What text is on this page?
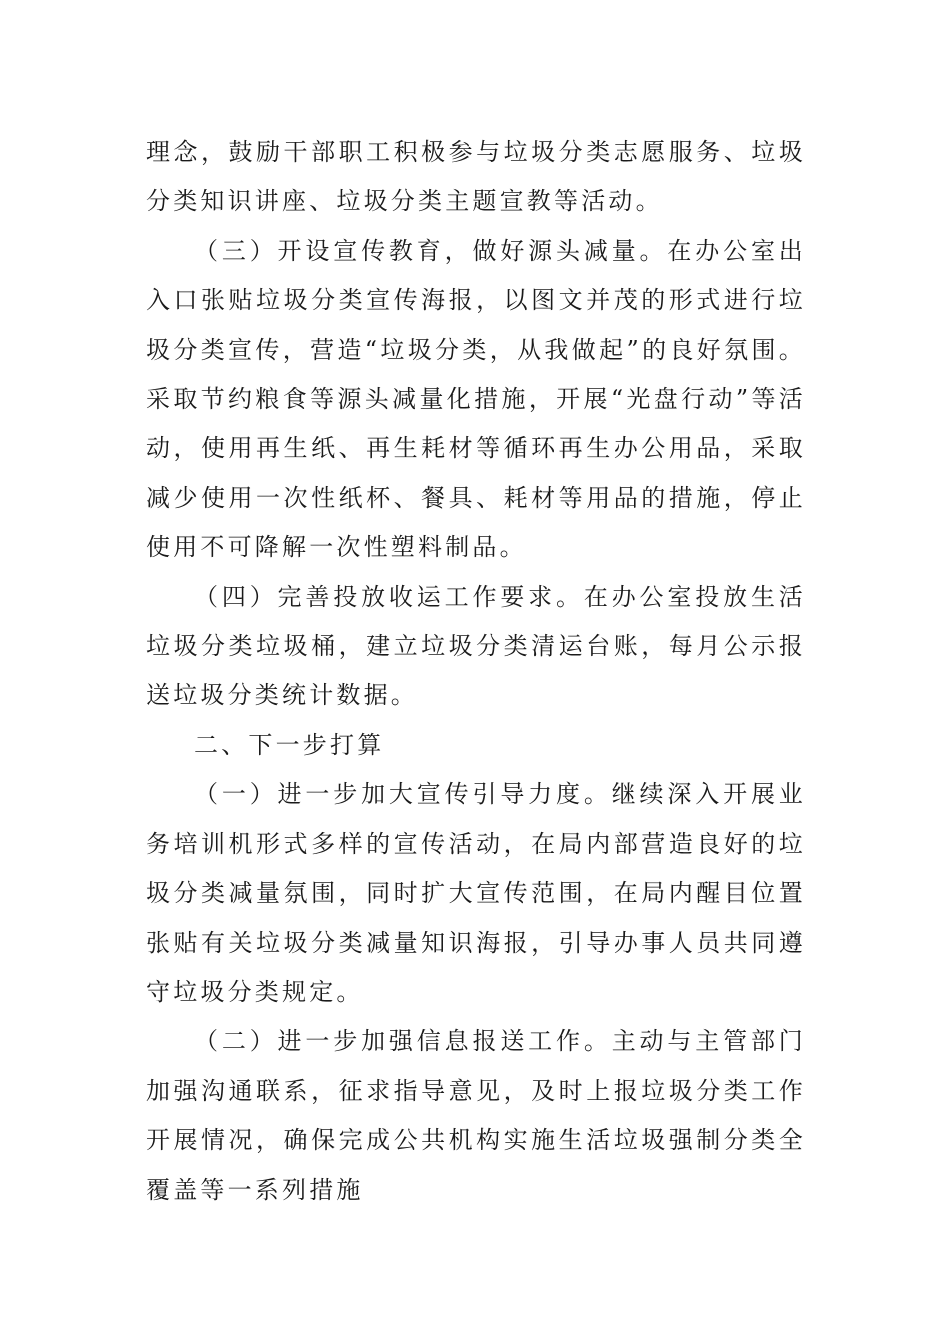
理念，鼓励干部职工积极参与垃圾分类志愿服务、垃圾分类知识讲座、垃圾分类主题宣教等活动。

（三）开设宣传教育，做好源头减量。在办公室出入口张贴垃圾分类宣传海报，以图文并茂的形式进行垃圾分类宣传，营造“垃圾分类，从我做起”的良好氛围。采取节约粮食等源头减量化措施，开展“光盘行动”等活动，使用再生纸、再生耗材等循环再生办公用品，采取减少使用一次性纸杯、餐具、耗材等用品的措施，停止使用不可降解一次性塑料制品。

（四）完善投放收运工作要求。在办公室投放生活垃圾分类垃圾桶，建立垃圾分类清运台账，每月公示报送垃圾分类统计数据。

二、下一步打算

（一）进一步加大宣传引导力度。继续深入开展业务培训机形式多样的宣传活动，在局内部营造良好的垃圾分类减量氛围，同时扩大宣传范围，在局内醒目位置张贴有关垃圾分类减量知识海报，引导办事人员共同遵守垃圾分类规定。

（二）进一步加强信息报送工作。主动与主管部门加强沟通联系，征求指导意见，及时上报垃圾分类工作开展情况，确保完成公共机构实施生活垃圾强制分类全覆盖等一系列措施
